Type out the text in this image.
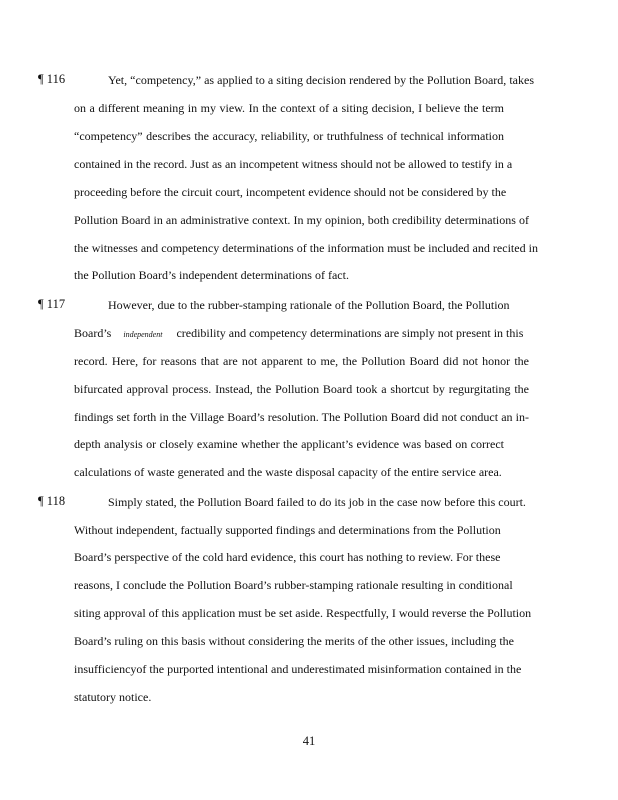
¶ 116	Yet, “competency,” as applied to a siting decision rendered by the Pollution Board, takes
on a different meaning in my view. In the context of a siting decision, I believe the term
“competency” describes the accuracy, reliability, or truthfulness of technical information
contained in the record. Just as an incompetent witness should not be allowed to testify in a
proceeding before the circuit court, incompetent evidence should not be considered by the
Pollution Board in an administrative context. In my opinion, both credibility determinations of
the witnesses and competency determinations of the information must be included and recited in
the Pollution Board’s independent determinations of fact.
¶ 117	However, due to the rubber-stamping rationale of the Pollution Board, the Pollution
Board’s independent credibility and competency determinations are simply not present in this
record. Here, for reasons that are not apparent to me, the Pollution Board did not honor the
bifurcated approval process. Instead, the Pollution Board took a shortcut by regurgitating the
findings set forth in the Village Board’s resolution. The Pollution Board did not conduct an in-
depth analysis or closely examine whether the applicant’s evidence was based on correct
calculations of waste generated and the waste disposal capacity of the entire service area.
¶ 118	Simply stated, the Pollution Board failed to do its job in the case now before this court.
Without independent, factually supported findings and determinations from the Pollution
Board’s perspective of the cold hard evidence, this court has nothing to review. For these
reasons, I conclude the Pollution Board’s rubber-stamping rationale resulting in conditional
siting approval of this application must be set aside. Respectfully, I would reverse the Pollution
Board’s ruling on this basis without considering the merits of the other issues, including the
insufficiencyof the purported intentional and underestimated misinformation contained in the
statutory notice.
41
